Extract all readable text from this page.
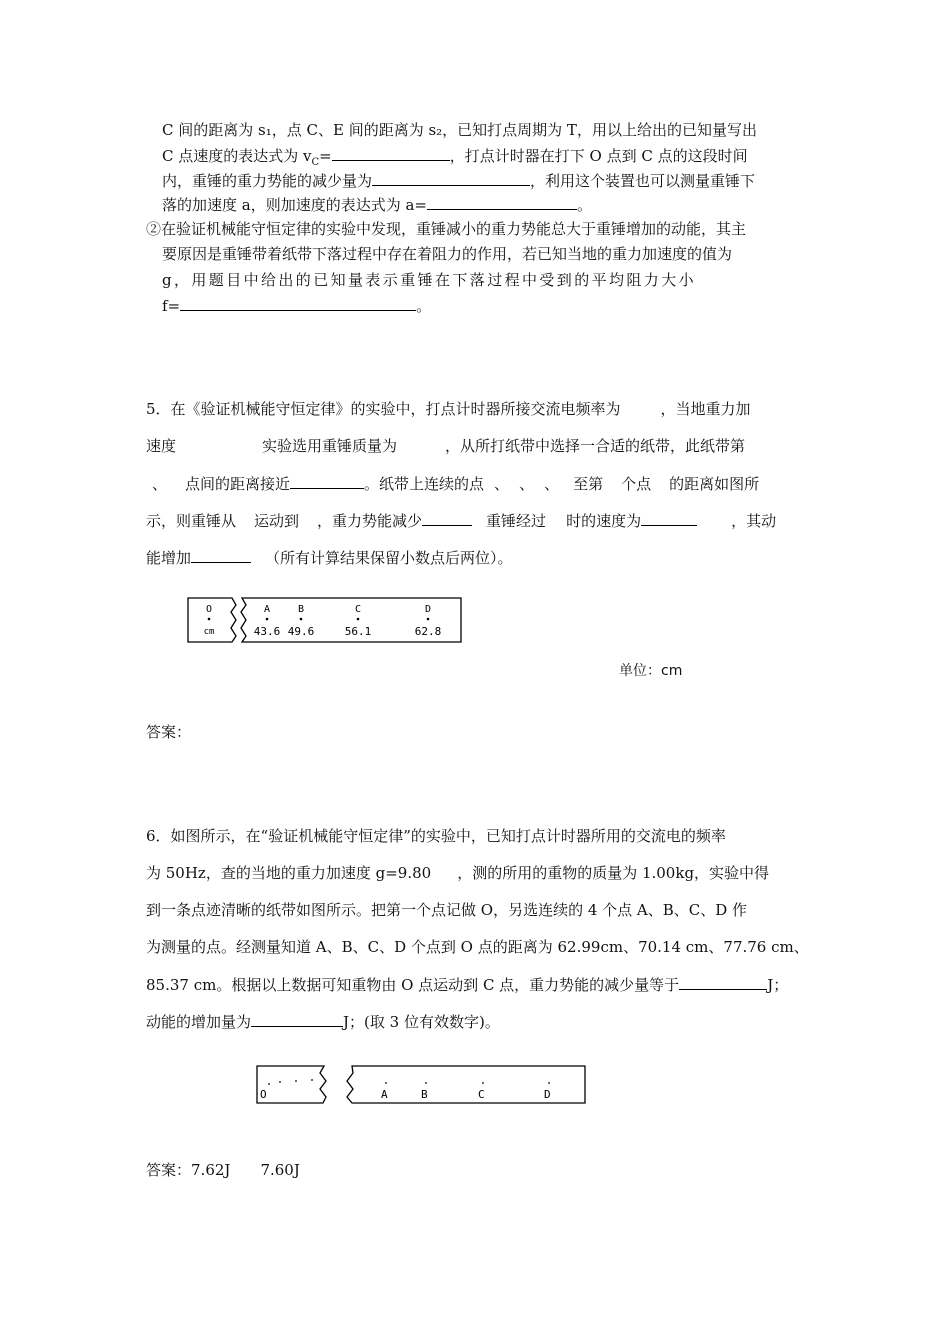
C 间的距离为 s₁，点 C、E 间的距离为 s₂，已知打点周期为 T，用以上给出的已知量写出
C 点速度的表达式为 $v_C=$	，打点计时器在打下 O 点到 C 点的这段时间
内，重锤的重力势能的减少量为	，利用这个装置也可以测量重锤下
落的加速度 a，则加速度的表达式为 a=	。
②在验证机械能守恒定律的实验中发现，重锤减小的重力势能总大于重锤增加的动能，其主
要原因是重锤带着纸带下落过程中存在着阻力的作用，若已知当地的重力加速度的值为
g，用题目中给出的已知量表示重锤在下落过程中受到的平均阻力大小
f=	。
5．在《验证机械能守恒定律》的实验中，打点计时器所接交流电频率为	，当地重力加
速度	实验选用重锤质量为	，从所打纸带中选择一合适的纸带，此纸带第
、 点间的距离接近	。纸带上连续的点 、 、 、 至第 个点 的距离如图所
示，则重锤从 运动到 ，重力势能减少	重锤经过 时的速度为	，其动
能增加	（所有计算结果保留小数点后两位）。
O
cm
A
43.6
B
49.6
C
56.1
D
62.8
单位：cm
答案：
6．如图所示，在“验证机械能守恒定律”的实验中，已知打点计时器所用的交流电的频率
为 50Hz，查的当地的重力加速度 g=9.80 ，测的所用的重物的质量为 1.00kg，实验中得
到一条点迹清晰的纸带如图所示。把第一个点记做 O，另选连续的 4 个点 A、B、C、D 作
为测量的点。经测量知道 A、B、C、D 个点到 O 点的距离为 62.99cm、70.14 cm、77.76 cm、
85.37 cm。根据以上数据可知重物由 O 点运动到 C 点，重力势能的减少量等于	J；
动能的增加量为	J；(取 3 位有效数字)。
O	A	B	C	D
答案：7.62J 7.60J
